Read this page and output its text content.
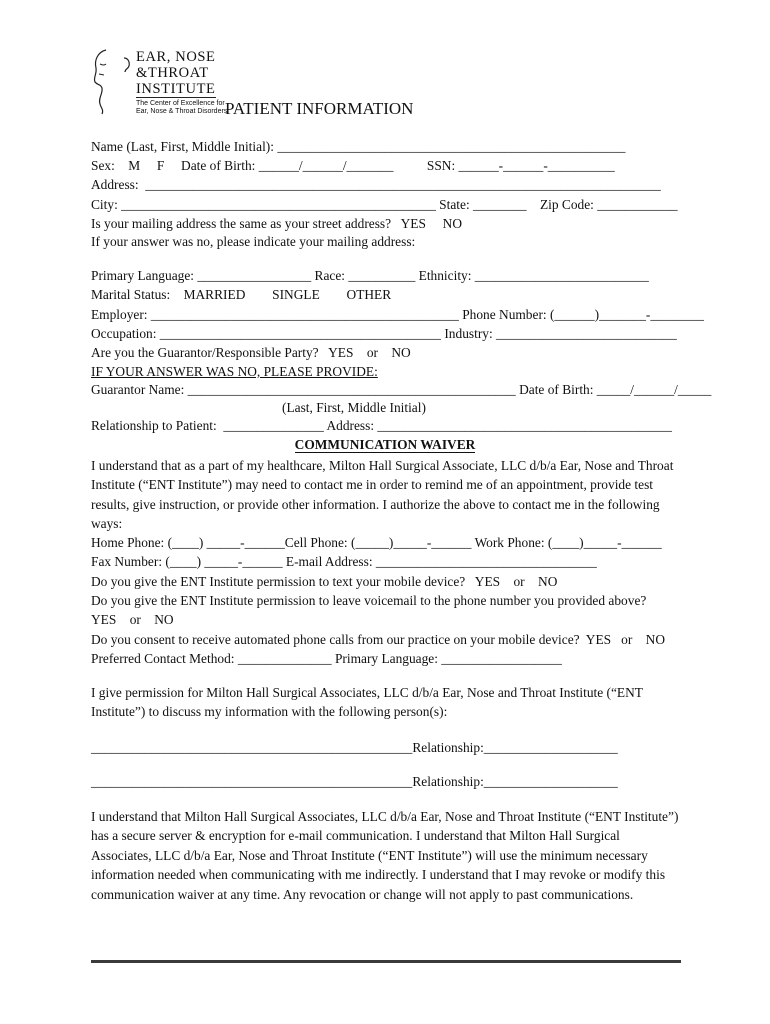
EAR, NOSE
&THROAT
INSTITUTE
The Center of Excellence for
Ear, Nose & Throat Disorders
PATIENT INFORMATION
Name (Last, First, Middle Initial): ____________________________________________________
Sex:    M     F     Date of Birth: ______/______/_______          SSN: ______-______-__________
Address:  _____________________________________________________________________________
City: _______________________________________________ State: ________    Zip Code: ____________
Is your mailing address the same as your street address?   YES     NO
If your answer was no, please indicate your mailing address:
Primary Language: _________________ Race: __________ Ethnicity: __________________________
Marital Status:    MARRIED        SINGLE        OTHER
Employer: ______________________________________________ Phone Number: (______)_______-________
Occupation: __________________________________________ Industry: ___________________________
Are you the Guarantor/Responsible Party?   YES    or    NO
IF YOUR ANSWER WAS NO, PLEASE PROVIDE:
Guarantor Name: _________________________________________________ Date of Birth: _____/______/_____
(Last, First, Middle Initial)
Relationship to Patient:  _______________ Address: ____________________________________________
COMMUNICATION WAIVER
I understand that as a part of my healthcare, Milton Hall Surgical Associate, LLC d/b/a Ear, Nose and Throat Institute (“ENT Institute”) may need to contact me in order to remind me of an appointment, provide test results, give instruction, or provide other information. I authorize the above to contact me in the following ways:
Home Phone: (____) _____-______Cell Phone: (_____)_____-______ Work Phone: (____)_____-______
Fax Number: (____) _____-______ E-mail Address: _________________________________
Do you give the ENT Institute permission to text your mobile device?   YES    or    NO
Do you give the ENT Institute permission to leave voicemail to the phone number you provided above?
YES    or    NO
Do you consent to receive automated phone calls from our practice on your mobile device?  YES   or    NO
Preferred Contact Method: ______________ Primary Language: __________________
I give permission for Milton Hall Surgical Associates, LLC d/b/a Ear, Nose and Throat Institute (“ENT Institute”) to discuss my information with the following person(s):
________________________________________________Relationship:____________________
________________________________________________Relationship:____________________
I understand that Milton Hall Surgical Associates, LLC d/b/a Ear, Nose and Throat Institute (“ENT Institute”) has a secure server & encryption for e-mail communication. I understand that Milton Hall Surgical Associates, LLC d/b/a Ear, Nose and Throat Institute (“ENT Institute”) will use the minimum necessary information needed when communicating with me indirectly. I understand that I may revoke or modify this communication waiver at any time. Any revocation or change will not apply to past communications.
